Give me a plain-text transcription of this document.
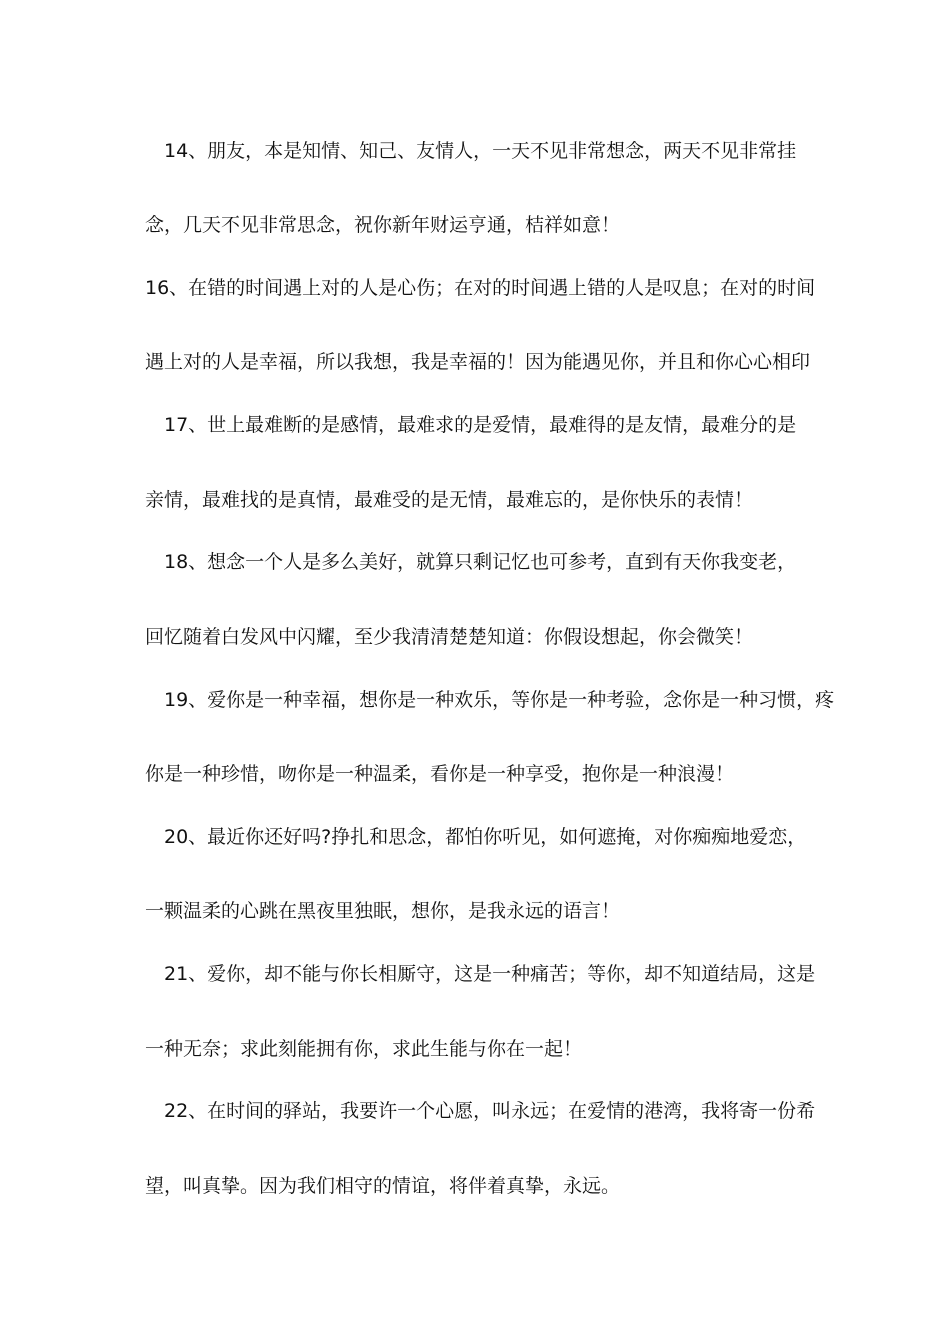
14、朋友，本是知情、知己、友情人，一天不见非常想念，两天不见非常挂
念，几天不见非常思念，祝你新年财运亨通，桔祥如意！
16、在错的时间遇上对的人是心伤；在对的时间遇上错的人是叹息；在对的时间
遇上对的人是幸福，所以我想，我是幸福的！因为能遇见你，并且和你心心相印
17、世上最难断的是感情，最难求的是爱情，最难得的是友情，最难分的是
亲情，最难找的是真情，最难受的是无情，最难忘的，是你快乐的表情！
18、想念一个人是多么美好，就算只剩记忆也可参考，直到有天你我变老，
回忆随着白发风中闪耀，至少我清清楚楚知道：你假设想起，你会微笑！
19、爱你是一种幸福，想你是一种欢乐，等你是一种考验，念你是一种习惯，疼
你是一种珍惜，吻你是一种温柔，看你是一种享受，抱你是一种浪漫！
20、最近你还好吗?挣扎和思念，都怕你听见，如何遮掩，对你痴痴地爱恋，
一颗温柔的心跳在黑夜里独眠，想你，是我永远的语言！
21、爱你，却不能与你长相厮守，这是一种痛苦；等你，却不知道结局，这是
一种无奈；求此刻能拥有你，求此生能与你在一起！
22、在时间的驿站，我要许一个心愿，叫永远；在爱情的港湾，我将寄一份希
望，叫真挚。因为我们相守的情谊，将伴着真挚，永远。
